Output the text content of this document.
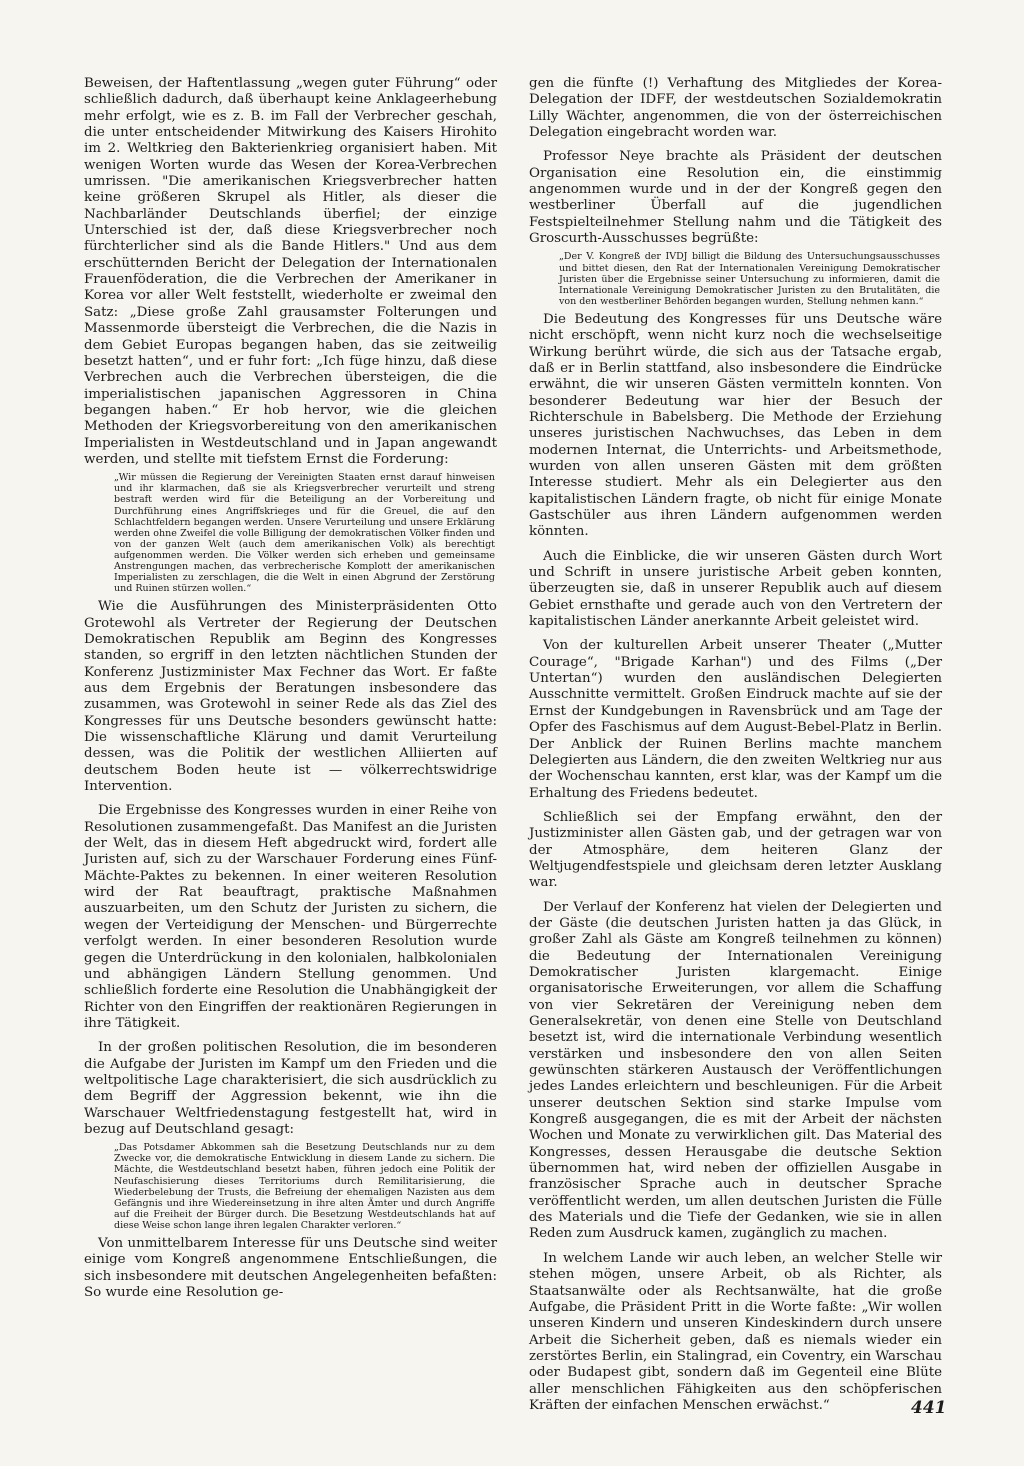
Beweisen, der Haftentlassung „wegen guter Führung“ oder schließlich dadurch, daß überhaupt keine Anklageerhebung mehr erfolgt, wie es z. B. im Fall der Verbrecher geschah, die unter entscheidender Mitwirkung des Kaisers Hirohito im 2. Weltkrieg den Bakterienkrieg organisiert haben. Mit wenigen Worten wurde das Wesen der Korea-Verbrechen umrissen. "Die amerikanischen Kriegsverbrecher hatten keine größeren Skrupel als Hitler, als dieser die Nachbarländer Deutschlands überfiel; der einzige Unterschied ist der, daß diese Kriegsverbrecher noch fürchterlicher sind als die Bande Hitlers." Und aus dem erschütternden Bericht der Delegation der Internationalen Frauenföderation, die die Verbrechen der Amerikaner in Korea vor aller Welt feststellt, wiederholte er zweimal den Satz: „Diese große Zahl grausamster Folterungen und Massenmorde übersteigt die Verbrechen, die die Nazis in dem Gebiet Europas begangen haben, das sie zeitweilig besetzt hatten“, und er fuhr fort: „Ich füge hinzu, daß diese Verbrechen auch die Verbrechen übersteigen, die die imperialistischen japanischen Aggressoren in China begangen haben.“ Er hob hervor, wie die gleichen Methoden der Kriegsvorbereitung von den amerikanischen Imperialisten in Westdeutschland und in Japan angewandt werden, und stellte mit tiefstem Ernst die Forderung:

„Wir müssen die Regierung der Vereinigten Staaten ernst darauf hinweisen und ihr klarmachen, daß sie als Kriegsverbrecher verurteilt und streng bestraft werden wird für die Beteiligung an der Vorbereitung und Durchführung eines Angriffskrieges und für die Greuel, die auf den Schlachtfeldern begangen werden. Unsere Verurteilung und unsere Erklärung werden ohne Zweifel die volle Billigung der demokratischen Völker finden und von der ganzen Welt (auch dem amerikanischen Volk) als berechtigt aufgenommen werden. Die Völker werden sich erheben und gemeinsame Anstrengungen machen, das verbrecherische Komplott der amerikanischen Imperialisten zu zerschlagen, die die Welt in einen Abgrund der Zerstörung und Ruinen stürzen wollen.“

Wie die Ausführungen des Ministerpräsidenten Otto Grotewohl als Vertreter der Regierung der Deutschen Demokratischen Republik am Beginn des Kongresses standen, so ergriff in den letzten nächtlichen Stunden der Konferenz Justizminister Max Fechner das Wort. Er faßte aus dem Ergebnis der Beratungen insbesondere das zusammen, was Grotewohl in seiner Rede als das Ziel des Kongresses für uns Deutsche besonders gewünscht hatte: Die wissenschaftliche Klärung und damit Verurteilung dessen, was die Politik der westlichen Alliierten auf deutschem Boden heute ist — völkerrechtswidrige Intervention.

Die Ergebnisse des Kongresses wurden in einer Reihe von Resolutionen zusammengefaßt. Das Manifest an die Juristen der Welt, das in diesem Heft abgedruckt wird, fordert alle Juristen auf, sich zu der Warschauer Forderung eines Fünf-Mächte-Paktes zu bekennen. In einer weiteren Resolution wird der Rat beauftragt, praktische Maßnahmen auszuarbeiten, um den Schutz der Juristen zu sichern, die wegen der Verteidigung der Menschen- und Bürgerrechte verfolgt werden. In einer besonderen Resolution wurde gegen die Unterdrückung in den kolonialen, halbkolonialen und abhängigen Ländern Stellung genommen. Und schließlich forderte eine Resolution die Unabhängigkeit der Richter von den Eingriffen der reaktionären Regierungen in ihre Tätigkeit.

In der großen politischen Resolution, die im besonderen die Aufgabe der Juristen im Kampf um den Frieden und die weltpolitische Lage charakterisiert, die sich ausdrücklich zu dem Begriff der Aggression bekennt, wie ihn die Warschauer Weltfriedenstagung festgestellt hat, wird in bezug auf Deutschland gesagt:

„Das Potsdamer Abkommen sah die Besetzung Deutschlands nur zu dem Zwecke vor, die demokratische Entwicklung in diesem Lande zu sichern. Die Mächte, die Westdeutschland besetzt haben, führen jedoch eine Politik der Neufaschisierung dieses Territoriums durch Remilitarisierung, die Wiederbelebung der Trusts, die Befreiung der ehemaligen Nazisten aus dem Gefängnis und ihre Wiedereinsetzung in ihre alten Ämter und durch Angriffe auf die Freiheit der Bürger durch. Die Besetzung Westdeutschlands hat auf diese Weise schon lange ihren legalen Charakter verloren.“

Von unmittelbarem Interesse für uns Deutsche sind weiter einige vom Kongreß angenommene Entschließungen, die sich insbesondere mit deutschen Angelegenheiten befaßten: So wurde eine Resolution ge-

gen die fünfte (!) Verhaftung des Mitgliedes der Korea-Delegation der IDFF, der westdeutschen Sozialdemokratin Lilly Wächter, angenommen, die von der österreichischen Delegation eingebracht worden war.

Professor Neye brachte als Präsident der deutschen Organisation eine Resolution ein, die einstimmig angenommen wurde und in der der Kongreß gegen den westberliner Überfall auf die jugendlichen Festspielteilnehmer Stellung nahm und die Tätigkeit des Groscurth-Ausschusses begrüßte:

„Der V. Kongreß der IVDJ billigt die Bildung des Untersuchungsausschusses und bittet diesen, den Rat der Internationalen Vereinigung Demokratischer Juristen über die Ergebnisse seiner Untersuchung zu informieren, damit die Internationale Vereinigung Demokratischer Juristen zu den Brutalitäten, die von den westberliner Behörden begangen wurden, Stellung nehmen kann.“

Die Bedeutung des Kongresses für uns Deutsche wäre nicht erschöpft, wenn nicht kurz noch die wechselseitige Wirkung berührt würde, die sich aus der Tatsache ergab, daß er in Berlin stattfand, also insbesondere die Eindrücke erwähnt, die wir unseren Gästen vermitteln konnten. Von besonderer Bedeutung war hier der Besuch der Richterschule in Babelsberg. Die Methode der Erziehung unseres juristischen Nachwuchses, das Leben in dem modernen Internat, die Unterrichts- und Arbeitsmethode, wurden von allen unseren Gästen mit dem größten Interesse studiert. Mehr als ein Delegierter aus den kapitalistischen Ländern fragte, ob nicht für einige Monate Gastschüler aus ihren Ländern aufgenommen werden könnten.

Auch die Einblicke, die wir unseren Gästen durch Wort und Schrift in unsere juristische Arbeit geben konnten, überzeugten sie, daß in unserer Republik auch auf diesem Gebiet ernsthafte und gerade auch von den Vertretern der kapitalistischen Länder anerkannte Arbeit geleistet wird.

Von der kulturellen Arbeit unserer Theater („Mutter Courage“, "Brigade Karhan") und des Films („Der Untertan“) wurden den ausländischen Delegierten Ausschnitte vermittelt. Großen Eindruck machte auf sie der Ernst der Kundgebungen in Ravensbrück und am Tage der Opfer des Faschismus auf dem August-Bebel-Platz in Berlin. Der Anblick der Ruinen Berlins machte manchem Delegierten aus Ländern, die den zweiten Weltkrieg nur aus der Wochenschau kannten, erst klar, was der Kampf um die Erhaltung des Friedens bedeutet.

Schließlich sei der Empfang erwähnt, den der Justizminister allen Gästen gab, und der getragen war von der Atmosphäre, dem heiteren Glanz der Weltjugendfestspiele und gleichsam deren letzter Ausklang war.

Der Verlauf der Konferenz hat vielen der Delegierten und der Gäste (die deutschen Juristen hatten ja das Glück, in großer Zahl als Gäste am Kongreß teilnehmen zu können) die Bedeutung der Internationalen Vereinigung Demokratischer Juristen klargemacht. Einige organisatorische Erweiterungen, vor allem die Schaffung von vier Sekretären der Vereinigung neben dem Generalsekretär, von denen eine Stelle von Deutschland besetzt ist, wird die internationale Verbindung wesentlich verstärken und insbesondere den von allen Seiten gewünschten stärkeren Austausch der Veröffentlichungen jedes Landes erleichtern und beschleunigen. Für die Arbeit unserer deutschen Sektion sind starke Impulse vom Kongreß ausgegangen, die es mit der Arbeit der nächsten Wochen und Monate zu verwirklichen gilt. Das Material des Kongresses, dessen Herausgabe die deutsche Sektion übernommen hat, wird neben der offiziellen Ausgabe in französischer Sprache auch in deutscher Sprache veröffentlicht werden, um allen deutschen Juristen die Fülle des Materials und die Tiefe der Gedanken, wie sie in allen Reden zum Ausdruck kamen, zugänglich zu machen.

In welchem Lande wir auch leben, an welcher Stelle wir stehen mögen, unsere Arbeit, ob als Richter, als Staatsanwälte oder als Rechtsanwälte, hat die große Aufgabe, die Präsident Pritt in die Worte faßte: „Wir wollen unseren Kindern und unseren Kindeskindern durch unsere Arbeit die Sicherheit geben, daß es niemals wieder ein zerstörtes Berlin, ein Stalingrad, ein Coventry, ein Warschau oder Budapest gibt, sondern daß im Gegenteil eine Blüte aller menschlichen Fähigkeiten aus den schöpferischen Kräften der einfachen Menschen erwächst.“	441
